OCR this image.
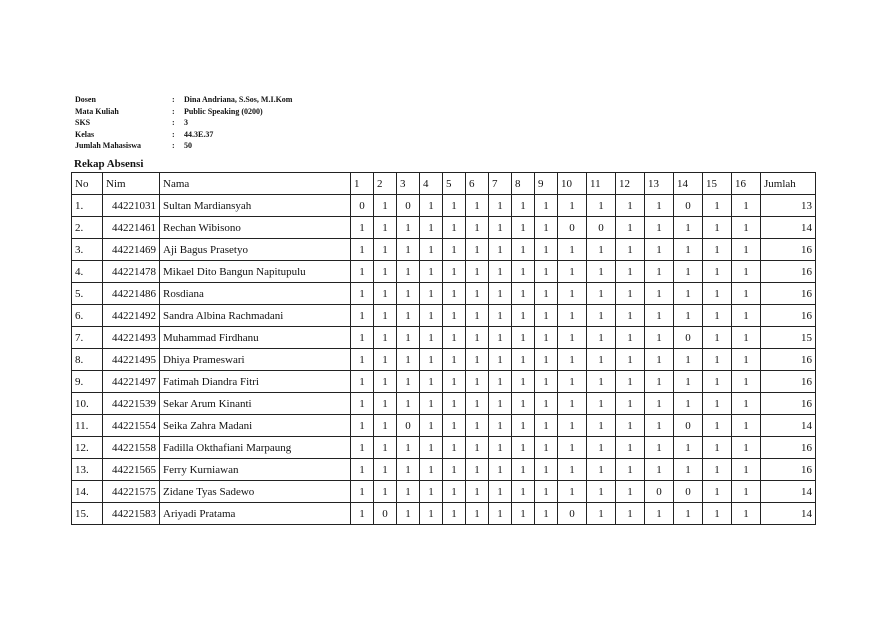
Dosen	:	Dina Andriana, S.Sos, M.I.Kom
Mata Kuliah	:	Public Speaking (0200)
SKS	:	3
Kelas	:	44.3E.37
Jumlah Mahasiswa	:	50
Rekap Absensi
No	Nim	Nama	1	2	3	4	5	6	7	8	9	10	11	12	13	14	15	16	Jumlah
1.	44221031	Sultan Mardiansyah	0	1	0	1	1	1	1	1	1	1	1	1	1	0	1	1	13
2.	44221461	Rechan Wibisono	1	1	1	1	1	1	1	1	1	0	0	1	1	1	1	1	14
3.	44221469	Aji Bagus Prasetyo	1	1	1	1	1	1	1	1	1	1	1	1	1	1	1	1	16
4.	44221478	Mikael Dito Bangun Napitupulu	1	1	1	1	1	1	1	1	1	1	1	1	1	1	1	1	16
5.	44221486	Rosdiana	1	1	1	1	1	1	1	1	1	1	1	1	1	1	1	1	16
6.	44221492	Sandra Albina Rachmadani	1	1	1	1	1	1	1	1	1	1	1	1	1	1	1	1	16
7.	44221493	Muhammad Firdhanu	1	1	1	1	1	1	1	1	1	1	1	1	1	0	1	1	15
8.	44221495	Dhiya Prameswari	1	1	1	1	1	1	1	1	1	1	1	1	1	1	1	1	16
9.	44221497	Fatimah Diandra Fitri	1	1	1	1	1	1	1	1	1	1	1	1	1	1	1	1	16
10.	44221539	Sekar Arum Kinanti	1	1	1	1	1	1	1	1	1	1	1	1	1	1	1	1	16
11.	44221554	Seika Zahra Madani	1	1	0	1	1	1	1	1	1	1	1	1	1	0	1	1	14
12.	44221558	Fadilla Okthafiani Marpaung	1	1	1	1	1	1	1	1	1	1	1	1	1	1	1	1	16
13.	44221565	Ferry Kurniawan	1	1	1	1	1	1	1	1	1	1	1	1	1	1	1	1	16
14.	44221575	Zidane Tyas Sadewo	1	1	1	1	1	1	1	1	1	1	1	1	0	0	1	1	14
15.	44221583	Ariyadi Pratama	1	0	1	1	1	1	1	1	1	0	1	1	1	1	1	1	14
